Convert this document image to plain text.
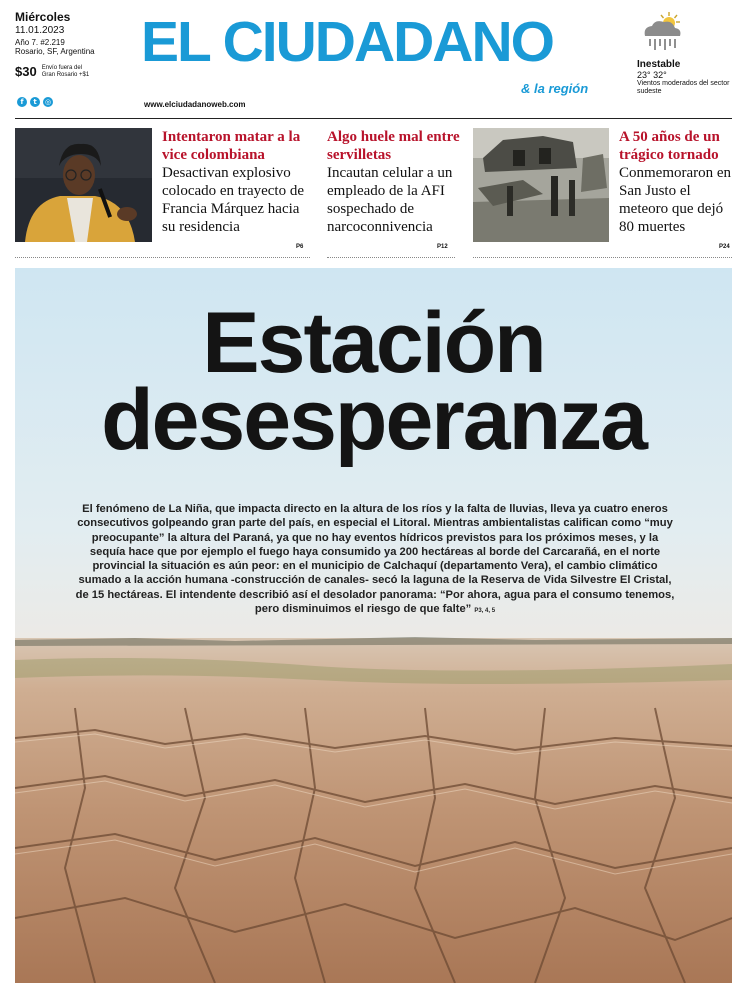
Miércoles
11.01.2023
Año 7. #2.219
Rosario, SF, Argentina
$30 Envío fuera del Gran Rosario +$1
f	t	◎
EL CIUDADANO
& la región
www.elciudadanoweb.com
Inestable
23° 32°
Vientos moderados del sector sudeste
Intentaron matar a la vice colombiana
Desactivan explosivo colocado en trayecto de Francia Márquez hacia su residencia
P6
Algo huele mal entre servilletas
Incautan celular a un empleado de la AFI sospechado de narcoconnivencia
P12
A 50 años de un trágico tornado
Conmemoraron en San Justo el meteoro que dejó 80 muertes
P24
Estación
desesperanza
El fenómeno de La Niña, que impacta directo en la altura de los ríos y la falta de lluvias, lleva ya cuatro eneros consecutivos golpeando gran parte del país, en especial el Litoral. Mientras ambientalistas califican como “muy preocupante” la altura del Paraná, ya que no hay eventos hídricos previstos para los próximos meses, y la sequía hace que por ejemplo el fuego haya consumido ya 200 hectáreas al borde del Carcarañá, en el norte provincial la situación es aún peor: en el municipio de Calchaquí (departamento Vera), el cambio climático sumado a la acción humana -construcción de canales- secó la laguna de la Reserva de Vida Silvestre El Cristal, de 15 hectáreas. El intendente describió así el desolador panorama: “Por ahora, agua para el consumo tenemos, pero disminuimos el riesgo de que falte” P3, 4, 5
